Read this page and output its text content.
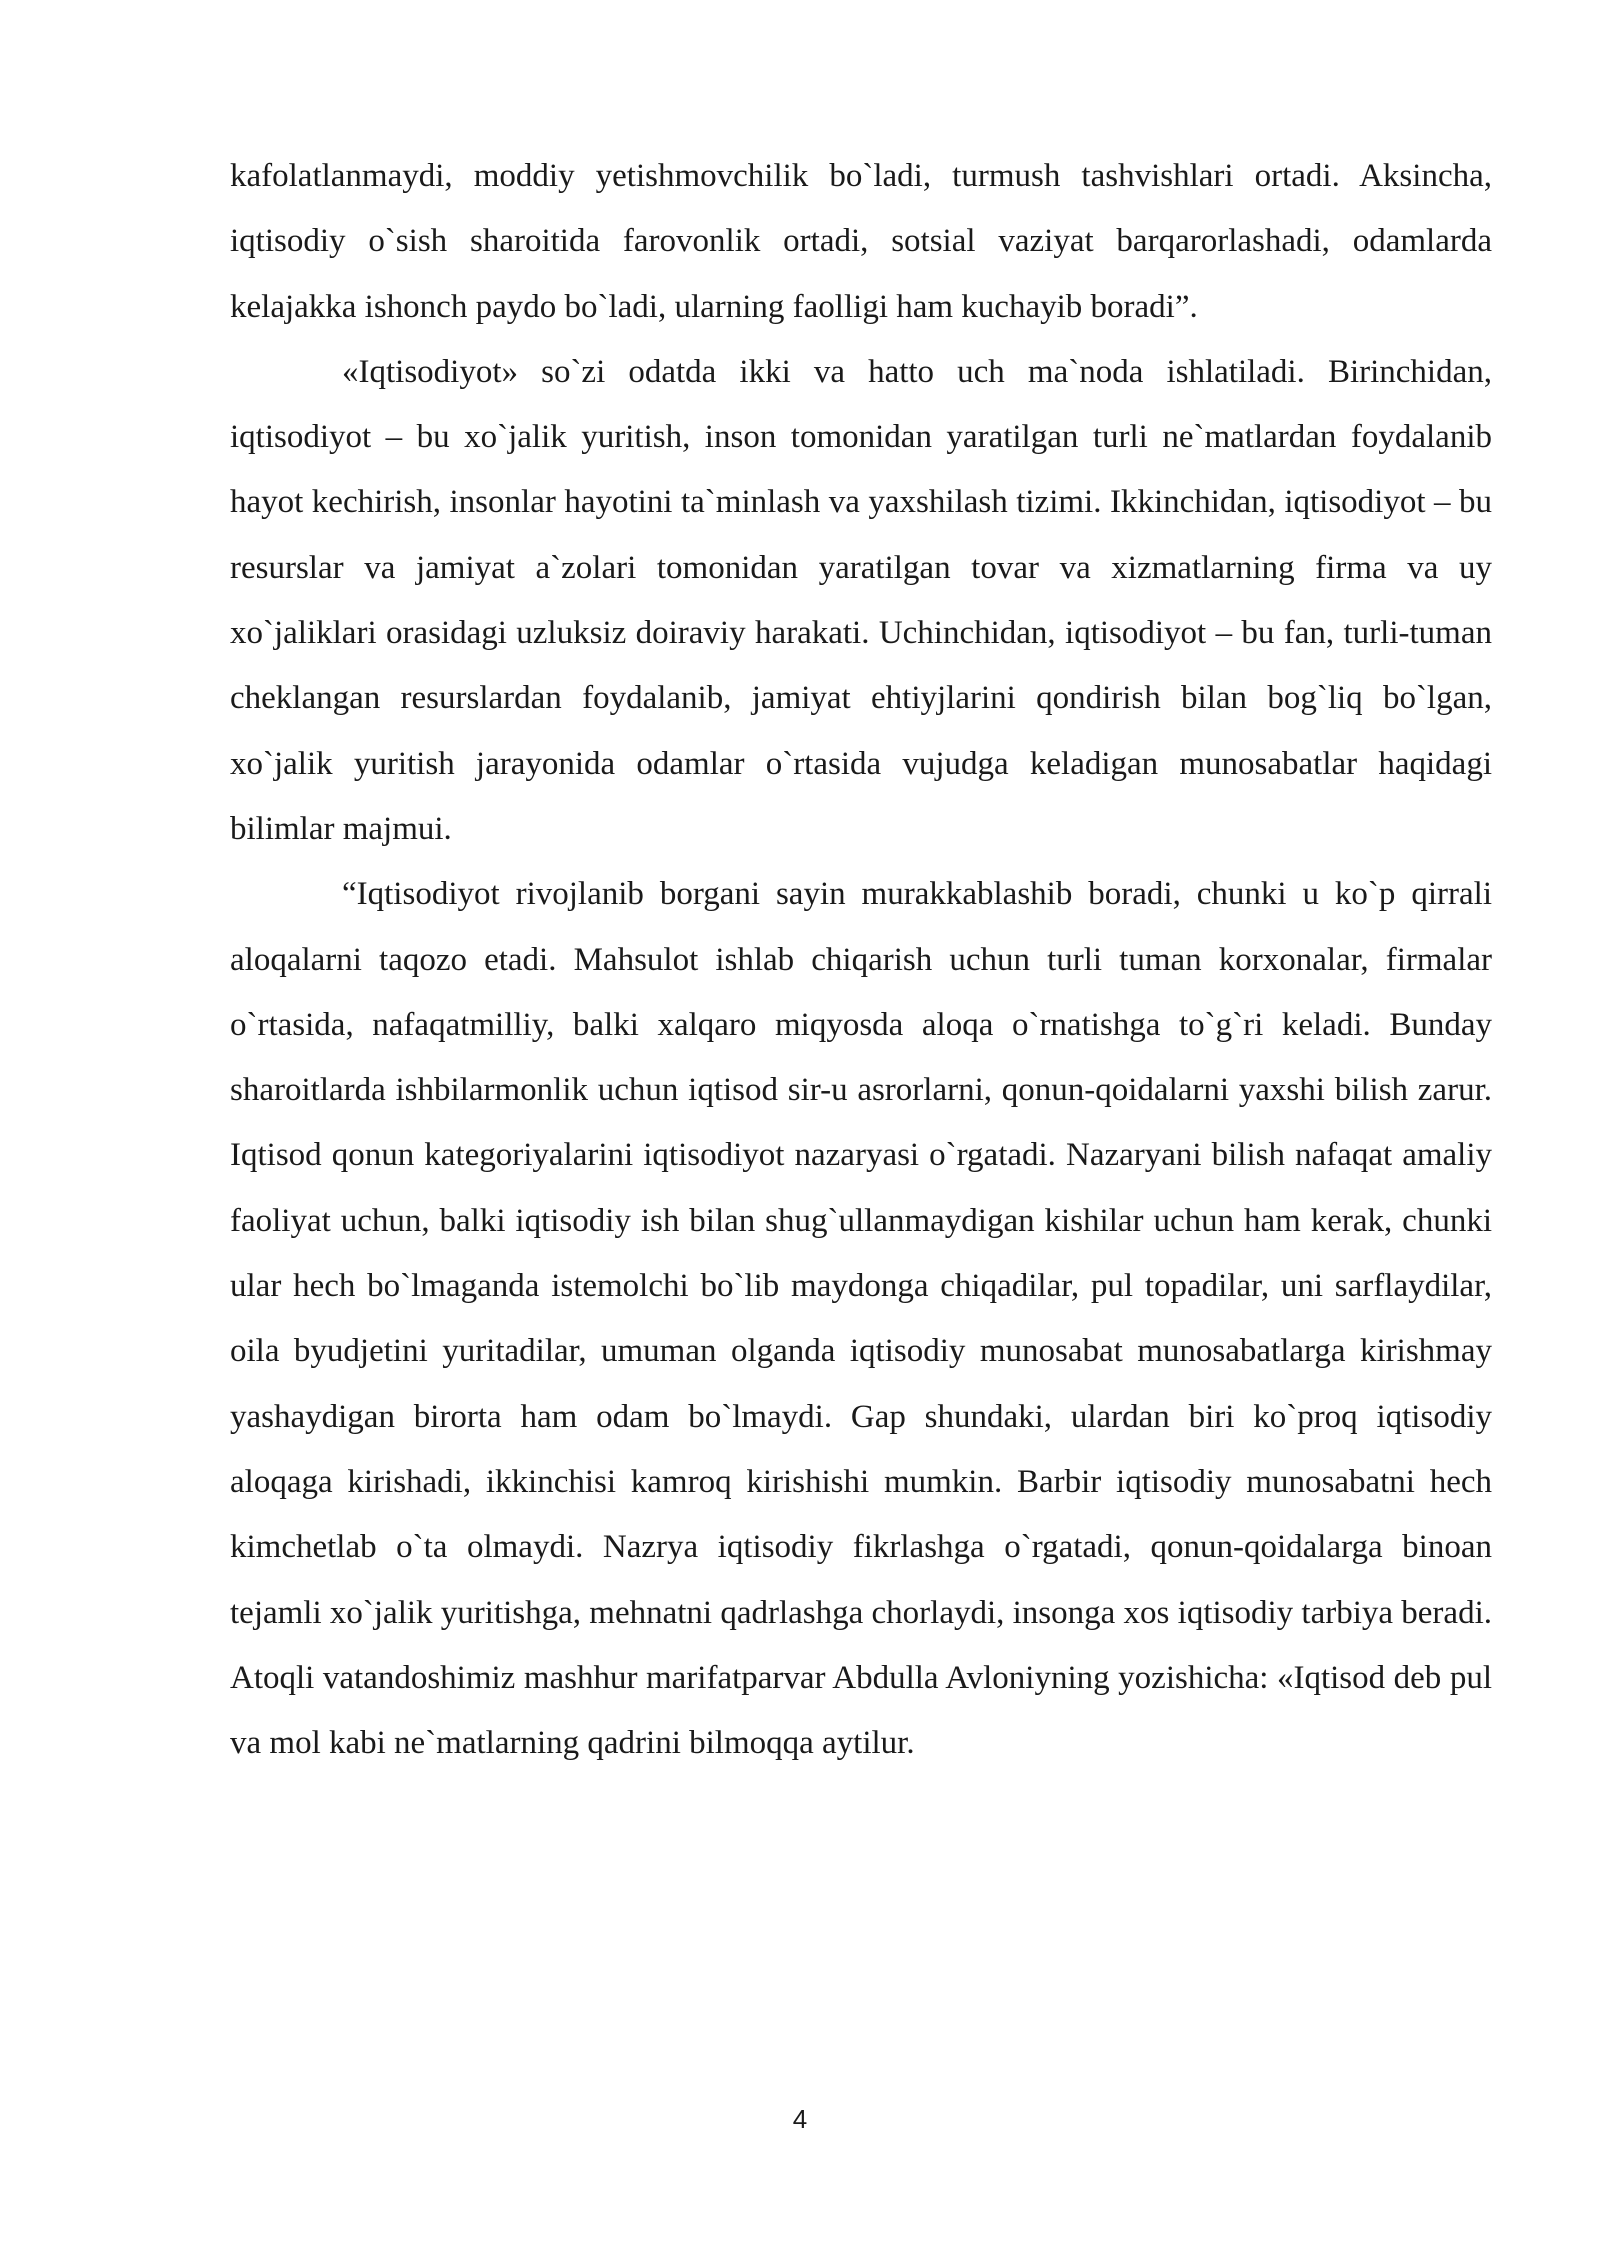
kafolatlanmaydi, moddiy yetishmovchilik bo`ladi, turmush tashvishlari ortadi. Aksincha, iqtisodiy o`sish sharoitida farovonlik ortadi, sotsial vaziyat barqarorlashadi, odamlarda kelajakka ishonch paydo bo`ladi, ularning faolligi ham kuchayib boradi”.

«Iqtisodiyot» so`zi odatda ikki va hatto uch ma`noda ishlatiladi. Birinchidan, iqtisodiyot – bu xo`jalik yuritish, inson tomonidan yaratilgan turli ne`matlardan foydalanib hayot kechirish, insonlar hayotini ta`minlash va yaxshilash tizimi. Ikkinchidan, iqtisodiyot – bu resurslar va jamiyat a`zolari tomonidan yaratilgan tovar va xizmatlarning firma va uy xo`jaliklari orasidagi uzluksiz doiraviy harakati. Uchinchidan, iqtisodiyot – bu fan, turli-tuman cheklangan resurslardan foydalanib, jamiyat ehtiyjlarini qondirish bilan bog`liq bo`lgan, xo`jalik yuritish jarayonida odamlar o`rtasida vujudga keladigan munosabatlar haqidagi bilimlar majmui.

“Iqtisodiyot rivojlanib borgani sayin murakkablashib boradi, chunki u ko`p qirrali aloqalarni taqozo etadi. Mahsulot ishlab chiqarish uchun turli tuman korxonalar, firmalar o`rtasida, nafaqatmilliy, balki xalqaro miqyosda aloqa o`rnatishga to`g`ri keladi. Bunday sharoitlarda ishbilarmonlik uchun iqtisod sir-u asrorlarni, qonun-qoidalarni yaxshi bilish zarur. Iqtisod qonun kategoriyalarini iqtisodiyot nazaryasi o`rgatadi. Nazaryani bilish nafaqat amaliy faoliyat uchun, balki iqtisodiy ish bilan shug`ullanmaydigan kishilar uchun ham kerak, chunki ular hech bo`lmaganda istemolchi bo`lib maydonga chiqadilar, pul topadilar, uni sarflaydilar, oila byudjetini yuritadilar, umuman olganda iqtisodiy munosabat munosabatlarga kirishmay yashaydigan birorta ham odam bo`lmaydi. Gap shundaki, ulardan biri ko`proq iqtisodiy aloqaga kirishadi, ikkinchisi kamroq kirishishi mumkin. Barbir iqtisodiy munosabatni hech kimchetlab o`ta olmaydi. Nazrya iqtisodiy fikrlashga o`rgatadi, qonun-qoidalarga binoan tejamli xo`jalik yuritishga, mehnatni qadrlashga chorlaydi, insonga xos iqtisodiy tarbiya beradi. Atoqli vatandoshimiz mashhur marifatparvar Abdulla Avloniyning yozishicha: «Iqtisod deb pul va mol kabi ne`matlarning qadrini bilmoqqa aytilur.

4
